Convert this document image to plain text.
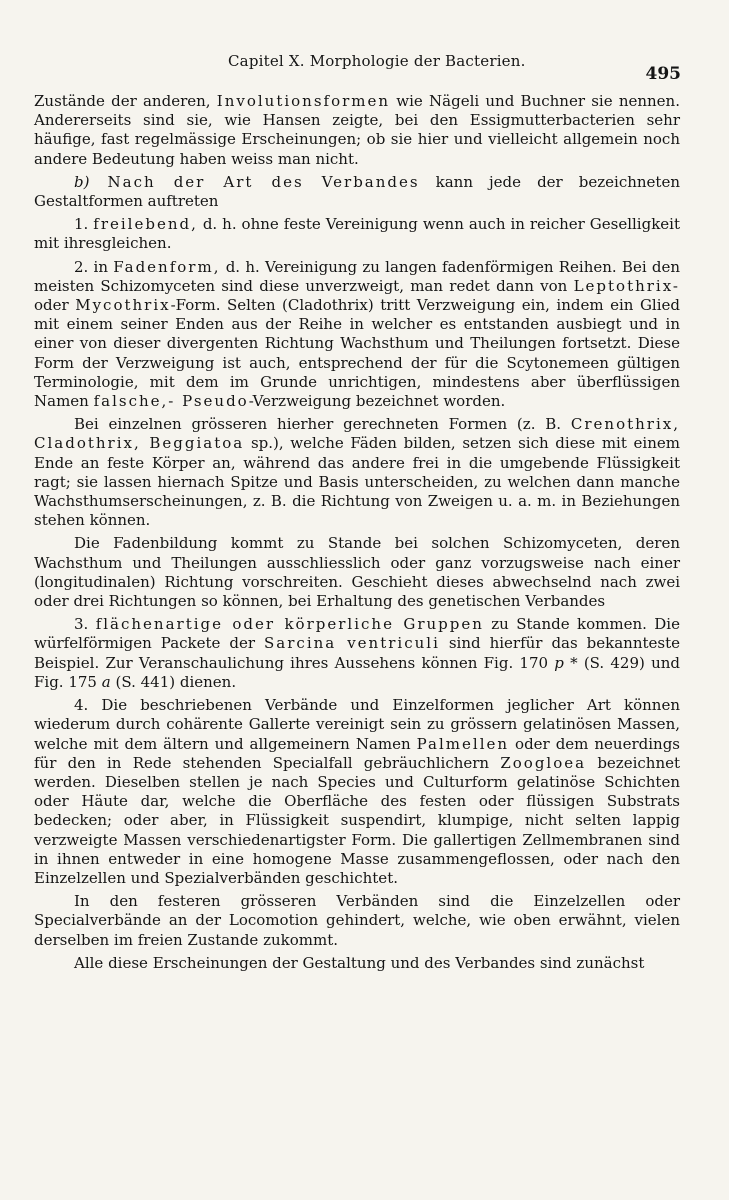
Capitel X. Morphologie der Bacterien.
495

Zustände der anderen, Involutionsformen wie Nägeli und Buchner sie nennen. Andererseits sind sie, wie Hansen zeigte, bei den Essigmutterbacterien sehr häufige, fast regelmässige Erscheinungen; ob sie hier und vielleicht allgemein noch andere Bedeutung haben weiss man nicht.

b) Nach der Art des Verbandes kann jede der bezeichneten Gestaltformen auftreten

1. freilebend, d. h. ohne feste Vereinigung wenn auch in reicher Geselligkeit mit ihresgleichen.

2. in Fadenform, d. h. Vereinigung zu langen fadenförmigen Reihen. Bei den meisten Schizomyceten sind diese unverzweigt, man redet dann von Leptothrix- oder Mycothrix-Form. Selten (Cladothrix) tritt Verzweigung ein, indem ein Glied mit einem seiner Enden aus der Reihe in welcher es entstanden ausbiegt und in einer von dieser divergenten Richtung Wachsthum und Theilungen fortsetzt. Diese Form der Verzweigung ist auch, entsprechend der für die Scytonemeen gültigen Terminologie, mit dem im Grunde unrichtigen, mindestens aber überflüssigen Namen falsche,- Pseudo-Verzweigung bezeichnet worden.

Bei einzelnen grösseren hierher gerechneten Formen (z. B. Crenothrix, Cladothrix, Beggiatoa sp.), welche Fäden bilden, setzen sich diese mit einem Ende an feste Körper an, während das andere frei in die umgebende Flüssigkeit ragt; sie lassen hiernach Spitze und Basis unterscheiden, zu welchen dann manche Wachsthumserscheinungen, z. B. die Richtung von Zweigen u. a. m. in Beziehungen stehen können.

Die Fadenbildung kommt zu Stande bei solchen Schizomyceten, deren Wachsthum und Theilungen ausschliesslich oder ganz vorzugsweise nach einer (longitudinalen) Richtung vorschreiten. Geschieht dieses abwechselnd nach zwei oder drei Richtungen so können, bei Erhaltung des genetischen Verbandes

3. flächenartige oder körperliche Gruppen zu Stande kommen. Die würfelförmigen Packete der Sarcina ventriculi sind hierfür das bekannteste Beispiel. Zur Veranschaulichung ihres Aussehens können Fig. 170 p * (S. 429) und Fig. 175 a (S. 441) dienen.

4. Die beschriebenen Verbände und Einzelformen jeglicher Art können wiederum durch cohärente Gallerte vereinigt sein zu grössern gelatinösen Massen, welche mit dem ältern und allgemeinern Namen Palmellen oder dem neuerdings für den in Rede stehenden Specialfall gebräuchlichern Zoogloea bezeichnet werden. Dieselben stellen je nach Species und Culturform gelatinöse Schichten oder Häute dar, welche die Oberfläche des festen oder flüssigen Substrats bedecken; oder aber, in Flüssigkeit suspendirt, klumpige, nicht selten lappig verzweigte Massen verschiedenartigster Form. Die gallertigen Zellmembranen sind in ihnen entweder in eine homogene Masse zusammengeflossen, oder nach den Einzelzellen und Spezialverbänden geschichtet.

In den festeren grösseren Verbänden sind die Einzelzellen oder Specialverbände an der Locomotion gehindert, welche, wie oben erwähnt, vielen derselben im freien Zustande zukommt.

Alle diese Erscheinungen der Gestaltung und des Verbandes sind zunächst
